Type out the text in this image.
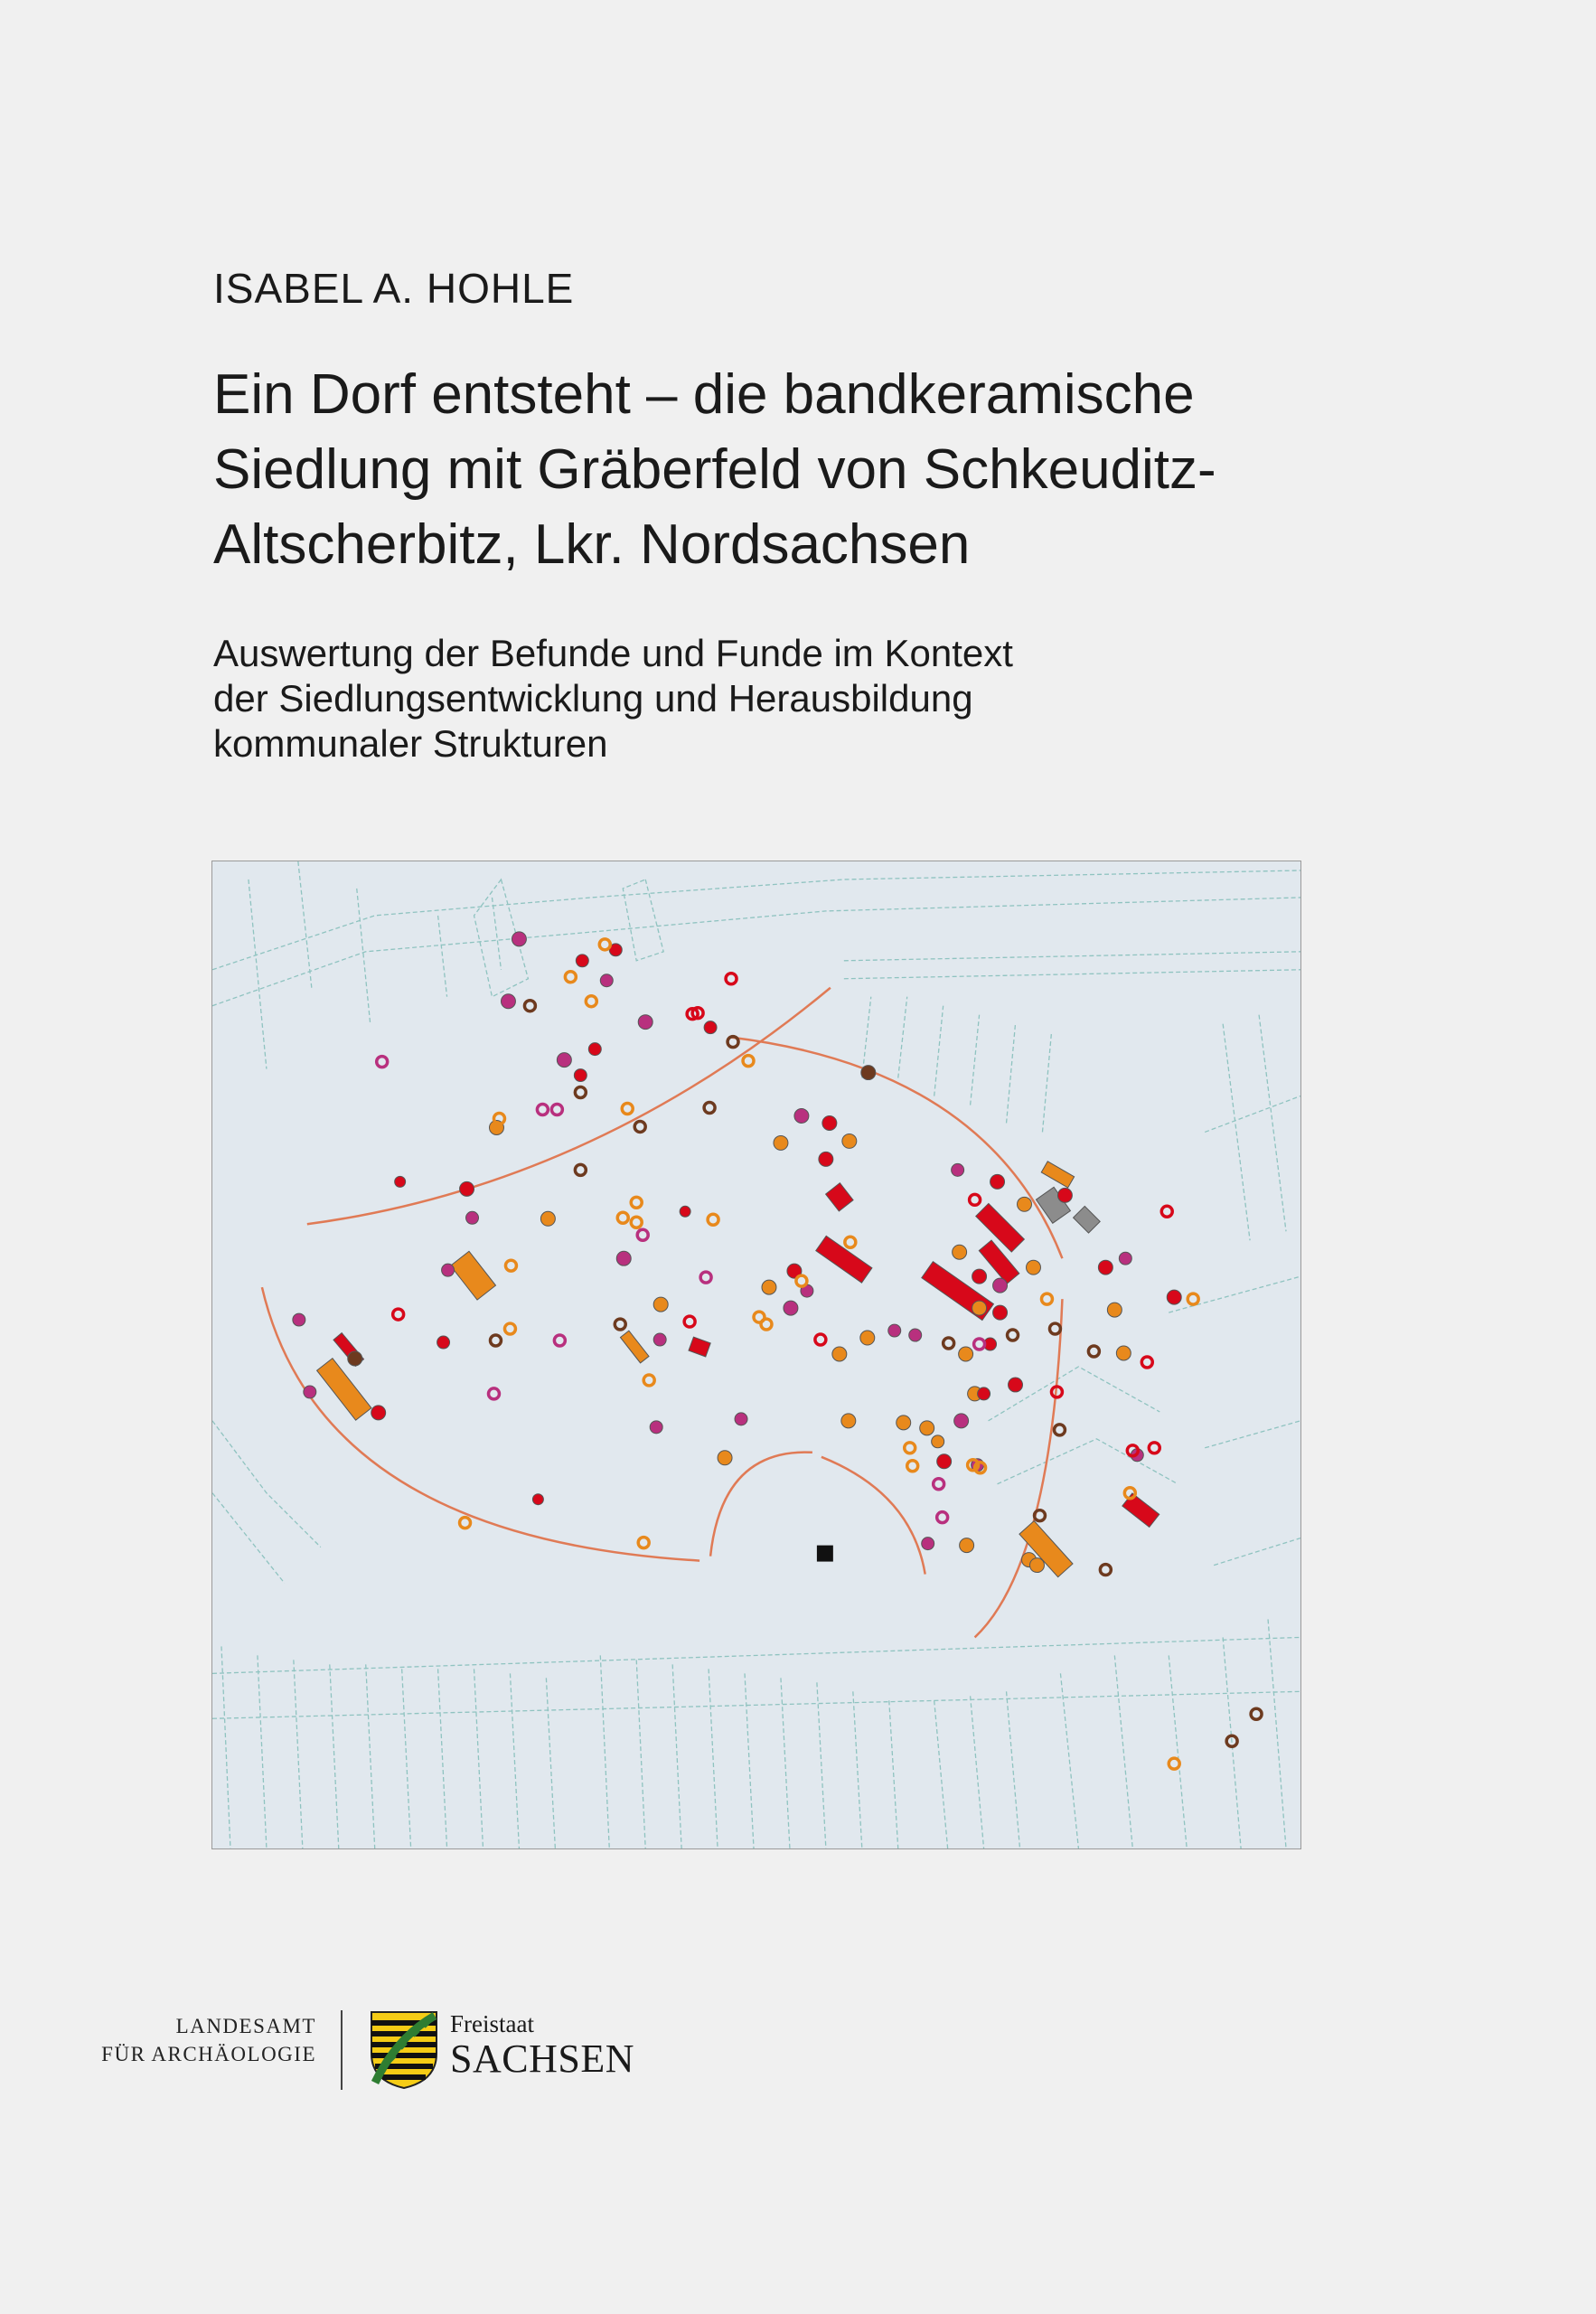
ISABEL A. HOHLE
Ein Dorf entsteht – die bandkeramische
Siedlung mit Gräberfeld von Schkeuditz-
Altscherbitz, Lkr. Nordsachsen
Auswertung der Befunde und Funde im Kontext
der Siedlungsentwicklung und Herausbildung
kommunaler Strukturen
LANDESAMT
FÜR ARCHÄOLOGIE
Freistaat
SACHSEN
